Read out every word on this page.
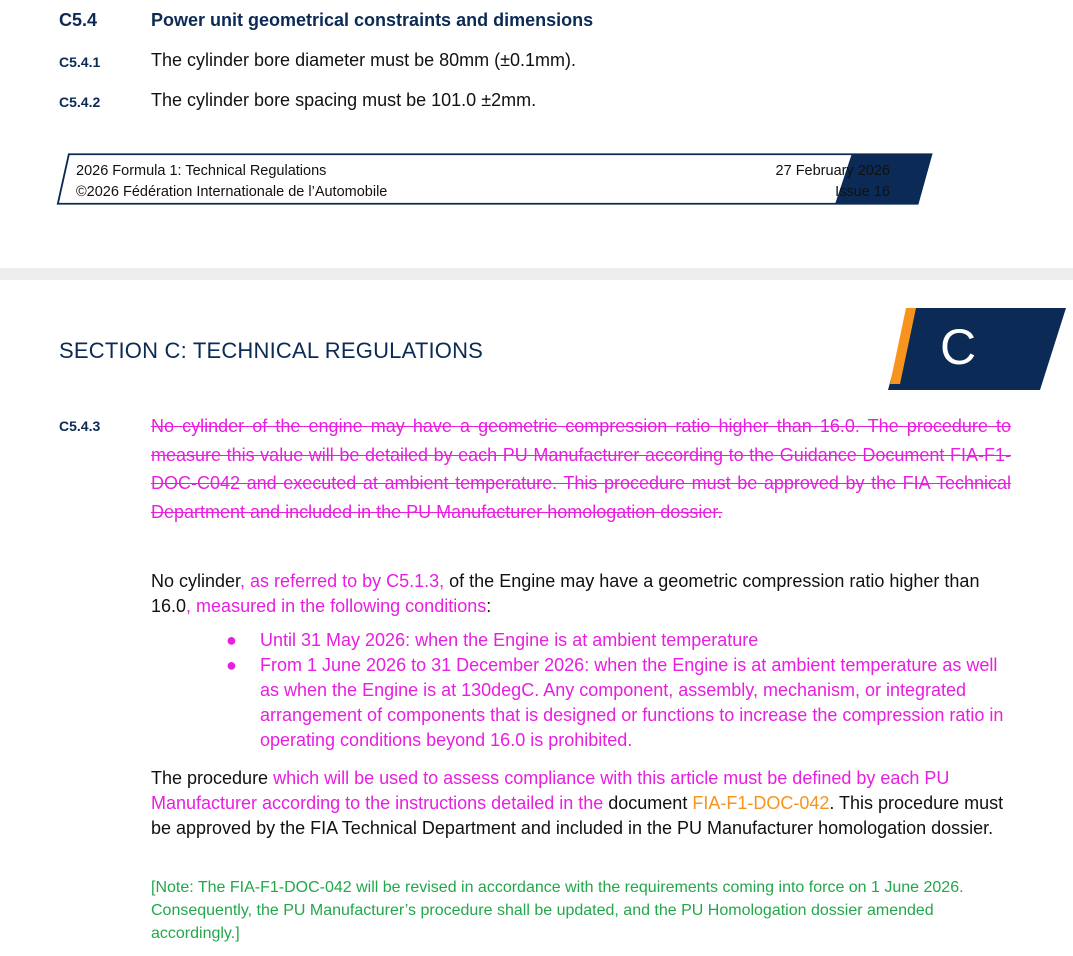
C5.4	Power unit geometrical constraints and dimensions
C5.4.1	The cylinder bore diameter must be 80mm (±0.1mm).
C5.4.2	The cylinder bore spacing must be 101.0 ±2mm.
2026 Formula 1: Technical Regulations
©2026 Fédération Internationale de l’Automobile
27 February 2026
Issue 16	C68
SECTION C: TECHNICAL REGULATIONS	C
C5.4.3	No cylinder of the engine may have a geometric compression ratio higher than 16.0. The procedure to measure this value will be detailed by each PU Manufacturer according to the Guidance Document FIA-F1-DOC-C042 and executed at ambient temperature. This procedure must be approved by the FIA Technical Department and included in the PU Manufacturer homologation dossier.
No cylinder, as referred to by C5.1.3, of the Engine may have a geometric compression ratio higher than 16.0, measured in the following conditions:
● Until 31 May 2026: when the Engine is at ambient temperature
● From 1 June 2026 to 31 December 2026: when the Engine is at ambient temperature as well as when the Engine is at 130degC. Any component, assembly, mechanism, or integrated arrangement of components that is designed or functions to increase the compression ratio in operating conditions beyond 16.0 is prohibited.
The procedure which will be used to assess compliance with this article must be defined by each PU Manufacturer according to the instructions detailed in the document FIA-F1-DOC-042. This procedure must be approved by the FIA Technical Department and included in the PU Manufacturer homologation dossier.
[Note: The FIA-F1-DOC-042 will be revised in accordance with the requirements coming into force on 1 June 2026. Consequently, the PU Manufacturer’s procedure shall be updated, and the PU Homologation dossier amended accordingly.]
